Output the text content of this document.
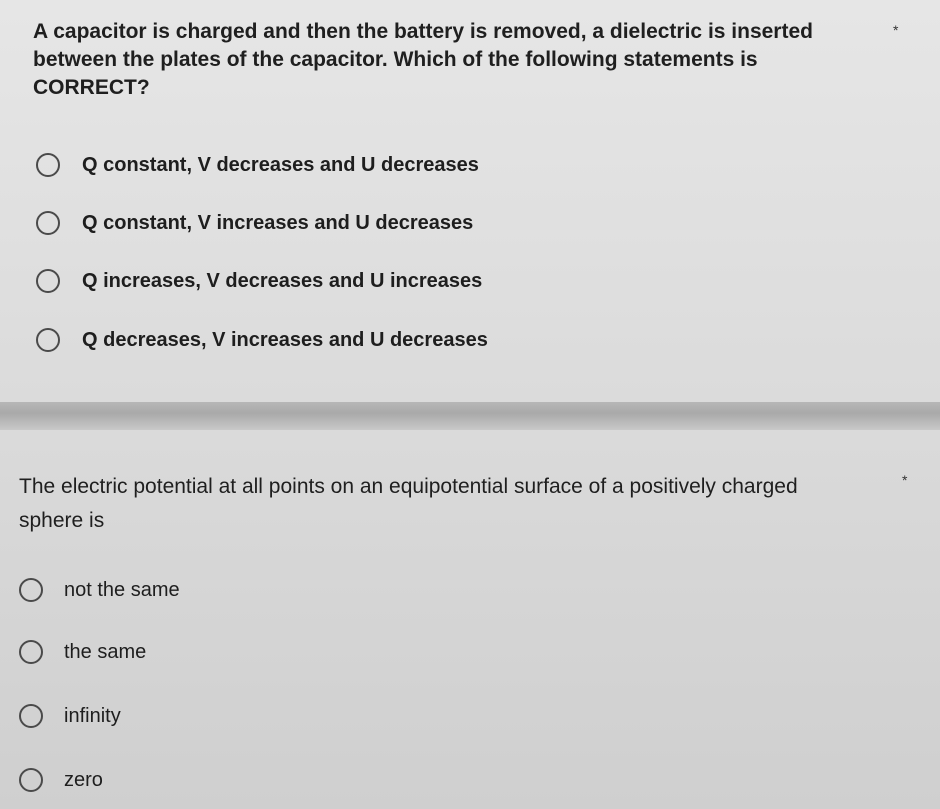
A capacitor is charged and then the battery is removed, a dielectric is inserted between the plates of the capacitor. Which of the following statements is CORRECT?
*
Q constant, V decreases and U decreases
Q constant, V increases and U decreases
Q increases, V decreases and U increases
Q decreases, V increases and U decreases
The electric potential at all points on an equipotential surface of a positively charged sphere is
*
not the same
the same
infinity
zero
